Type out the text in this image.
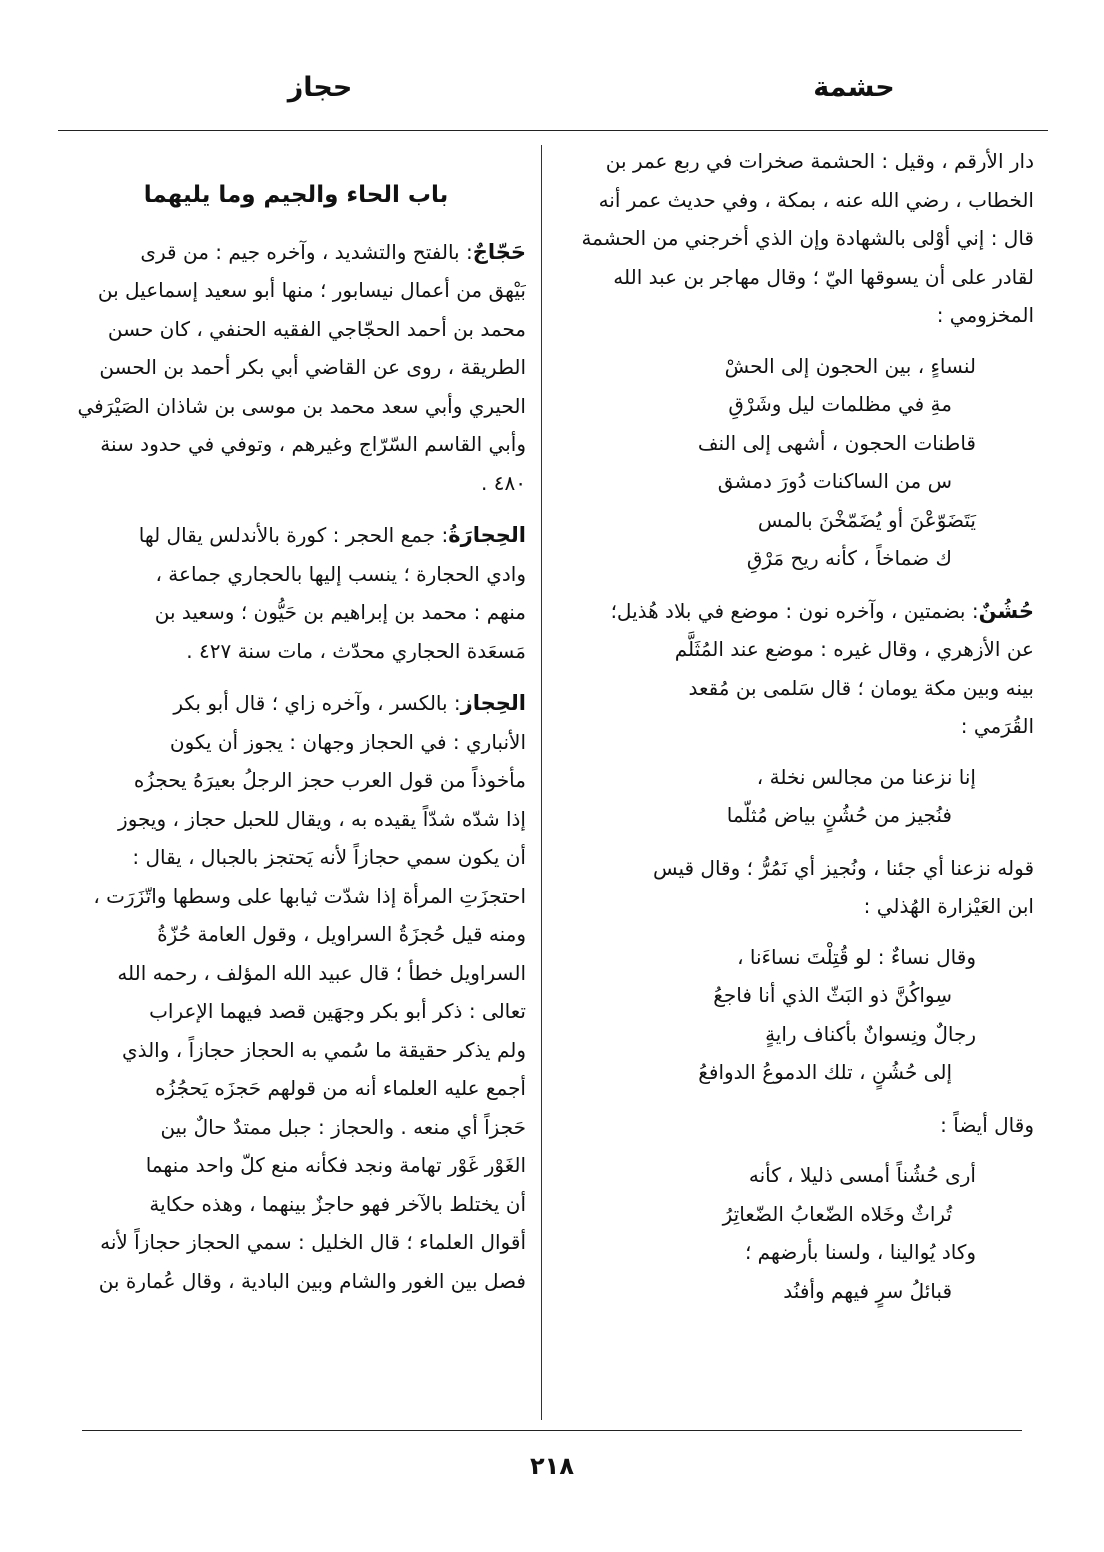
حشمة
حجاز
دار الأرقم ، وقيل : الحشمة صخرات في ربع عمر بن
الخطاب ، رضي الله عنه ، بمكة ، وفي حديث عمر أنه
قال : إني أوْلى بالشهادة وإن الذي أخرجني من الحشمة
لقادر على أن يسوقها اليّ ؛ وقال مهاجر بن عبد الله
المخزومي :
لنساءٍ ، بين الحجون إلى الحشْ
مةِ في مظلمات ليل وشَرْقِ
قاطنات الحجون ، أشهى إلى النف
س من الساكنات دُورَ دمشق
يَتَضَوّعْنَ أو يُضَمّخْنَ بالمس
ك ضماخاً ، كأنه ريح مَرْقِ
حُشُنٌ: بضمتين ، وآخره نون : موضع في بلاد هُذيل؛
عن الأزهري ، وقال غيره : موضع عند المُثَلَّم
بينه وبين مكة يومان ؛ قال سَلمى بن مُقعد
القُرَمي :
إنا نزعنا من مجالس نخلة ،
فنُجيز من حُشُنٍ بياض مُثلّما
قوله نزعنا أي جئنا ، ونُجيز أي نَمُرُّ ؛ وقال قيس
ابن العَيْزارة الهُذلي :
وقال نساءٌ : لو قُتِلْتَ نساءَنا ،
سِواكُنَّ ذو البَثّ الذي أنا فاجعُ
رجالٌ ونِسوانٌ بأكناف رايةٍ
إلى حُشُنٍ ، تلك الدموعُ الدوافعُ
وقال أيضاً :
أرى حُشُناً أمسى ذليلا ، كأنه
تُراثٌ وخَلاه الضّعابُ الضّعاتِرُ
وكاد يُوالينا ، ولسنا بأرضهم ؛
قبائلُ سرٍ فيهم وأفنُد
باب الحاء والجيم وما يليهما
حَجّاجٌ: بالفتح والتشديد ، وآخره جيم : من قرى
بَيْهق من أعمال نيسابور ؛ منها أبو سعيد إسماعيل بن
محمد بن أحمد الحجّاجي الفقيه الحنفي ، كان حسن
الطريقة ، روى عن القاضي أبي بكر أحمد بن الحسن
الحيري وأبي سعد محمد بن موسى بن شاذان الصَيْرَفي
وأبي القاسم السّرّاج وغيرهم ، وتوفي في حدود سنة
٤٨٠ .
الحِجارَةُ: جمع الحجر : كورة بالأندلس يقال لها
وادي الحجارة ؛ ينسب إليها بالحجاري جماعة ،
منهم : محمد بن إبراهيم بن حَيُّون ؛ وسعيد بن
مَسعَدة الحجاري محدّث ، مات سنة ٤٢٧ .
الحِجاز: بالكسر ، وآخره زاي ؛ قال أبو بكر
الأنباري : في الحجاز وجهان : يجوز أن يكون
مأخوذاً من قول العرب حجز الرجلُ بعيرَهُ يحجزُه
إذا شدّه شدّاً يقيده به ، ويقال للحبل حجاز ، ويجوز
أن يكون سمي حجازاً لأنه يَحتجز بالجبال ، يقال :
احتجزَتِ المرأة إذا شدّت ثيابها على وسطها واتّزَرَت ،
ومنه قيل حُجزَةُ السراويل ، وقول العامة حُزّةُ
السراويل خطأ ؛ قال عبيد الله المؤلف ، رحمه الله
تعالى : ذكر أبو بكر وجهَين قصد فيهما الإعراب
ولم يذكر حقيقة ما سُمي به الحجاز حجازاً ، والذي
أجمع عليه العلماء أنه من قولهم حَجزَه يَحجُزُه
حَجزاً أي منعه . والحجاز : جبل ممتدٌ حالٌ بين
الغَوْر غَوْر تهامة ونجد فكأنه منع كلّ واحد منهما
أن يختلط بالآخر فهو حاجزٌ بينهما ، وهذه حكاية
أقوال العلماء ؛ قال الخليل : سمي الحجاز حجازاً لأنه
فصل بين الغور والشام وبين البادية ، وقال عُمارة بن
٢١٨
